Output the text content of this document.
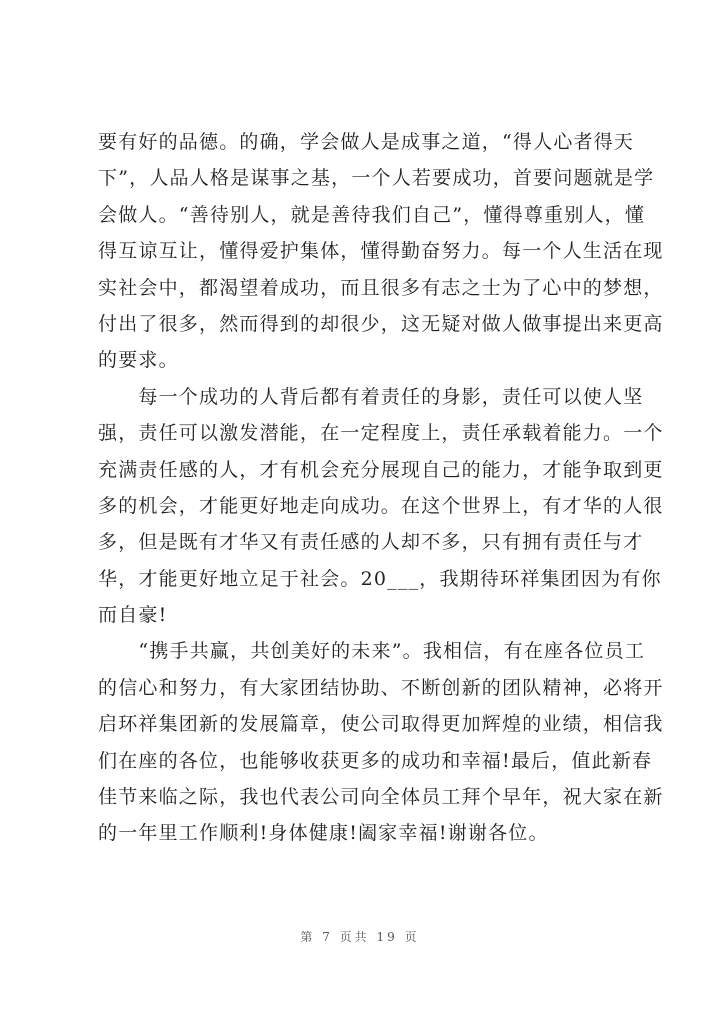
要有好的品德。的确，学会做人是成事之道，“得人心者得天
下”，人品人格是谋事之基，一个人若要成功，首要问题就是学
会做人。“善待别人，就是善待我们自己”，懂得尊重别人，懂
得互谅互让，懂得爱护集体，懂得勤奋努力。每一个人生活在现
实社会中，都渴望着成功，而且很多有志之士为了心中的梦想，
付出了很多，然而得到的却很少，这无疑对做人做事提出来更高
的要求。
　　每一个成功的人背后都有着责任的身影，责任可以使人坚
强，责任可以激发潜能，在一定程度上，责任承载着能力。一个
充满责任感的人，才有机会充分展现自己的能力，才能争取到更
多的机会，才能更好地走向成功。在这个世界上，有才华的人很
多，但是既有才华又有责任感的人却不多，只有拥有责任与才
华，才能更好地立足于社会。20___，我期待环祥集团因为有你
而自豪!
　　“携手共赢，共创美好的未来”。我相信，有在座各位员工
的信心和努力，有大家团结协助、不断创新的团队精神，必将开
启环祥集团新的发展篇章，使公司取得更加辉煌的业绩，相信我
们在座的各位，也能够收获更多的成功和幸福!最后，值此新春
佳节来临之际，我也代表公司向全体员工拜个早年，祝大家在新
的一年里工作顺利!身体健康!阖家幸福!谢谢各位。
第 7 页共 19 页
